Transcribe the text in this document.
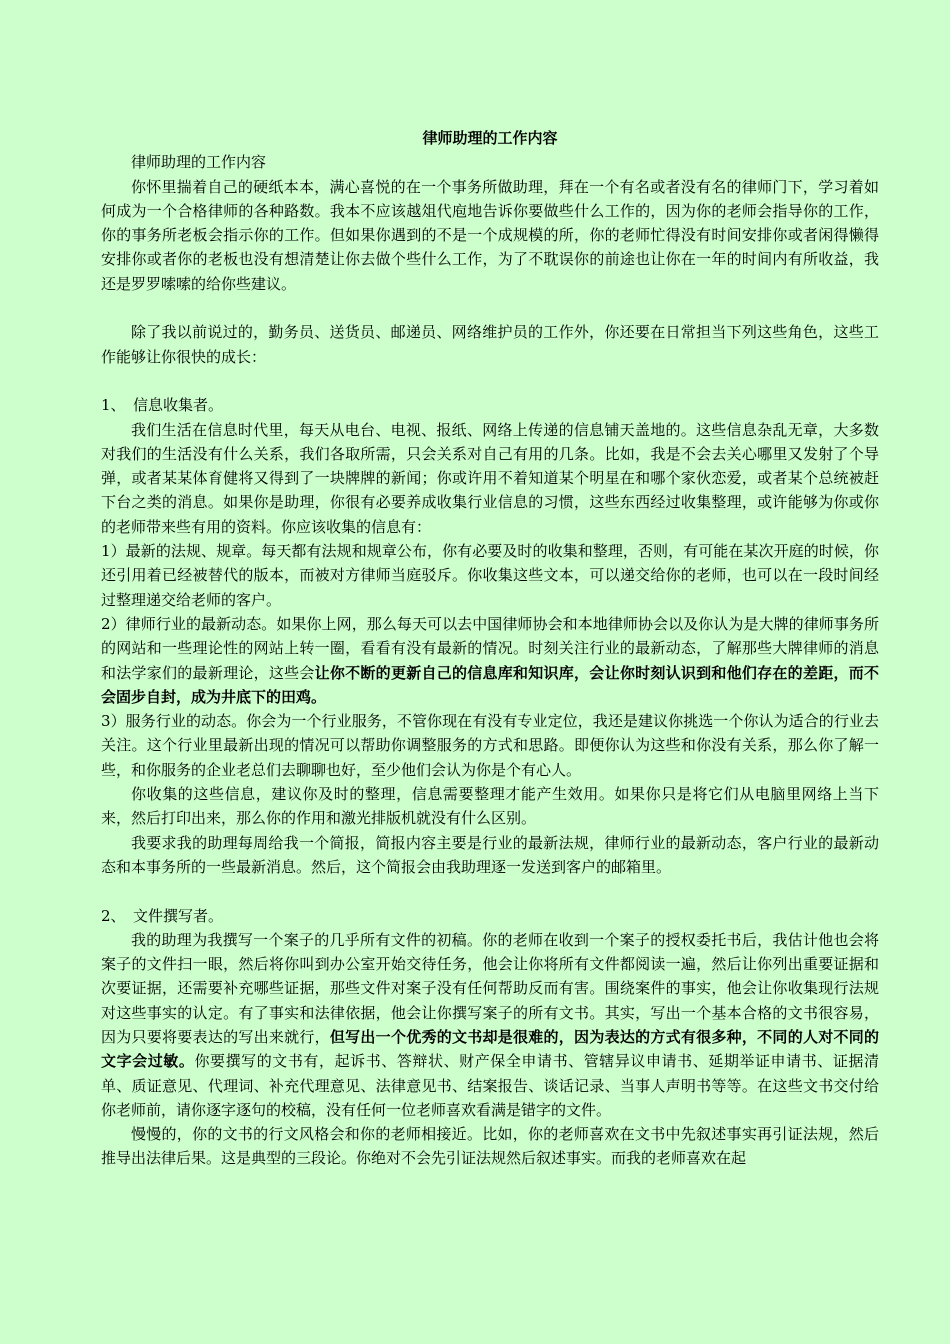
律师助理的工作内容

律师助理的工作内容

你怀里揣着自己的硬纸本本，满心喜悦的在一个事务所做助理，拜在一个有名或者没有名的律师门下，学习着如何成为一个合格律师的各种路数。我本不应该越俎代庖地告诉你要做些什么工作的，因为你的老师会指导你的工作，你的事务所老板会指示你的工作。但如果你遇到的不是一个成规模的所，你的老师忙得没有时间安排你或者闲得懒得安排你或者你的老板也没有想清楚让你去做个些什么工作，为了不耽误你的前途也让你在一年的时间内有所收益，我还是罗罗嗦嗦的给你些建议。

除了我以前说过的，勤务员、送货员、邮递员、网络维护员的工作外，你还要在日常担当下列这些角色，这些工作能够让你很快的成长：

1、　信息收集者。

我们生活在信息时代里，每天从电台、电视、报纸、网络上传递的信息铺天盖地的。这些信息杂乱无章，大多数对我们的生活没有什么关系，我们各取所需，只会关系对自己有用的几条。比如，我是不会去关心哪里又发射了个导弹，或者某某体育健将又得到了一块牌牌的新闻；你或许用不着知道某个明星在和哪个家伙恋爱，或者某个总统被赶下台之类的消息。如果你是助理，你很有必要养成收集行业信息的习惯，这些东西经过收集整理，或许能够为你或你的老师带来些有用的资料。你应该收集的信息有：

1）最新的法规、规章。每天都有法规和规章公布，你有必要及时的收集和整理，否则，有可能在某次开庭的时候，你还引用着已经被替代的版本，而被对方律师当庭驳斥。你收集这些文本，可以递交给你的老师，也可以在一段时间经过整理递交给老师的客户。

2）律师行业的最新动态。如果你上网，那么每天可以去中国律师协会和本地律师协会以及你认为是大牌的律师事务所的网站和一些理论性的网站上转一圈，看看有没有最新的情况。时刻关注行业的最新动态，了解那些大牌律师的消息和法学家们的最新理论，这些会让你不断的更新自己的信息库和知识库，会让你时刻认识到和他们存在的差距，而不会固步自封，成为井底下的田鸡。

3）服务行业的动态。你会为一个行业服务，不管你现在有没有专业定位，我还是建议你挑选一个你认为适合的行业去关注。这个行业里最新出现的情况可以帮助你调整服务的方式和思路。即便你认为这些和你没有关系，那么你了解一些，和你服务的企业老总们去聊聊也好，至少他们会认为你是个有心人。

你收集的这些信息，建议你及时的整理，信息需要整理才能产生效用。如果你只是将它们从电脑里网络上当下来，然后打印出来，那么你的作用和激光排版机就没有什么区别。

我要求我的助理每周给我一个简报，简报内容主要是行业的最新法规，律师行业的最新动态，客户行业的最新动态和本事务所的一些最新消息。然后，这个简报会由我助理逐一发送到客户的邮箱里。

2、　文件撰写者。

我的助理为我撰写一个案子的几乎所有文件的初稿。你的老师在收到一个案子的授权委托书后，我估计他也会将案子的文件扫一眼，然后将你叫到办公室开始交待任务，他会让你将所有文件都阅读一遍，然后让你列出重要证据和次要证据，还需要补充哪些证据，那些文件对案子没有任何帮助反而有害。围绕案件的事实，他会让你收集现行法规对这些事实的认定。有了事实和法律依据，他会让你撰写案子的所有文书。其实，写出一个基本合格的文书很容易，因为只要将要表达的写出来就行，但写出一个优秀的文书却是很难的，因为表达的方式有很多种，不同的人对不同的文字会过敏。你要撰写的文书有，起诉书、答辩状、财产保全申请书、管辖异议申请书、延期举证申请书、证据清单、质证意见、代理词、补充代理意见、法律意见书、结案报告、谈话记录、当事人声明书等等。在这些文书交付给你老师前，请你逐字逐句的校稿，没有任何一位老师喜欢看满是错字的文件。

慢慢的，你的文书的行文风格会和你的老师相接近。比如，你的老师喜欢在文书中先叙述事实再引证法规，然后推导出法律后果。这是典型的三段论。你绝对不会先引证法规然后叙述事实。而我的老师喜欢在起
